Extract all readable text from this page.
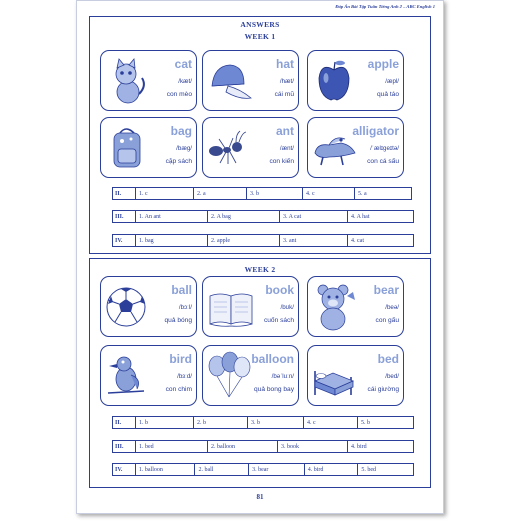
Đáp Án Bài Tập Tuần Tiếng Anh 2 – ABC English 1
ANSWERS
WEEK 1
cat
/kæt/
con mèo
hat
/hæt/
cái mũ
apple
/æpl/
quả táo
bag
/bæg/
cặp sách
ant
/ænt/
con kiến
alligator
/ˈælɪgeɪtə/
con cá sấu
II.	1. c	2. a	3. b	4. c	5. a
III.	1. An ant	2. A bag	3. A cat	4. A hat
IV.	1. bag	2. apple	3. ant	4. cat
WEEK 2
ball
/bɔːl/
quả bóng
book
/bʊk/
cuốn sách
bear
/beə/
con gấu
bird
/bɜːd/
con chim
balloon
/bəˈluːn/
quả bong bay
bed
/bed/
cái giường
II.	1. b	2. b	3. b	4. c	5. b
III.	1. bed	2. balloon	3. book	4. bird
IV.	1. balloon	2. ball	3. bear	4. bird	5. bed
81
